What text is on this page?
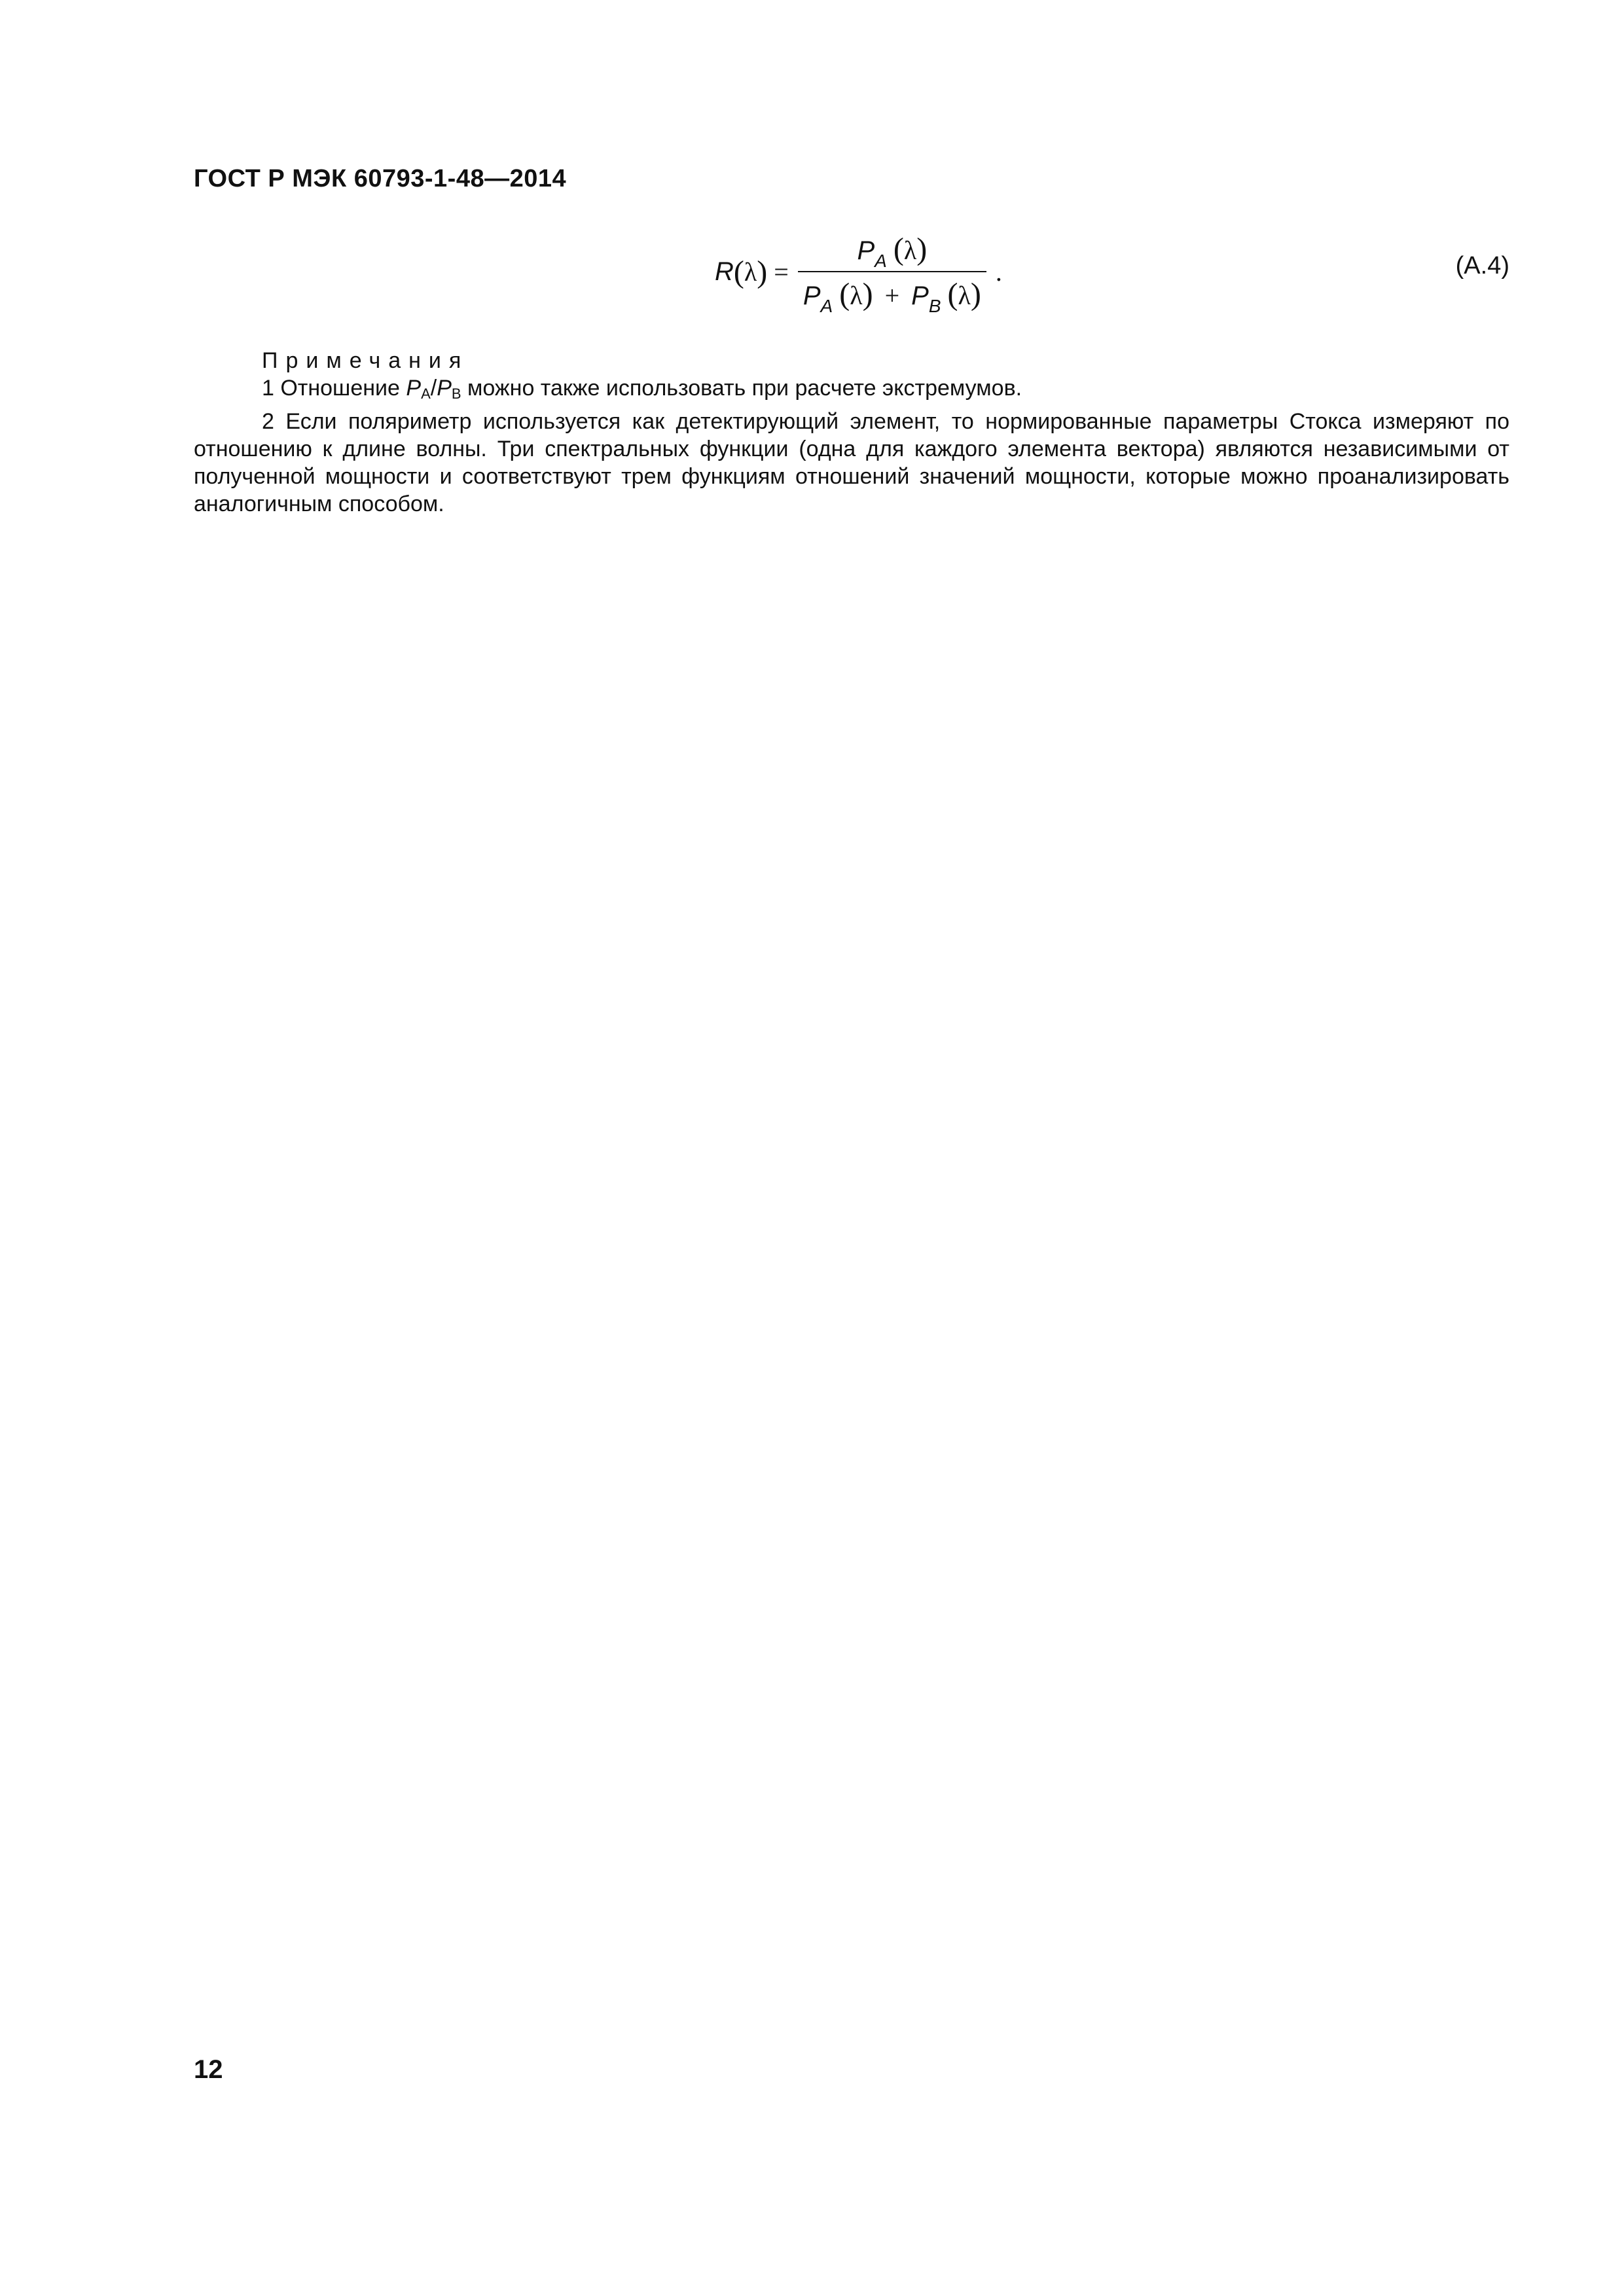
ГОСТ Р МЭК 60793-1-48—2014
R ( λ ) = $\frac{P_A (\lambda)}{P_A (\lambda) + P_B (\lambda)}$ .	(A.4)

Примечания

1 Отношение PA/PB можно также использовать при расчете экстремумов.

2 Если поляриметр используется как детектирующий элемент, то нормированные параметры Стокса измеряют по отношению к длине волны. Три спектральных функции (одна для каждого элемента вектора) являются независимыми от полученной мощности и соответствуют трем функциям отношений значений мощности, которые можно проанализировать аналогичным способом.

12
